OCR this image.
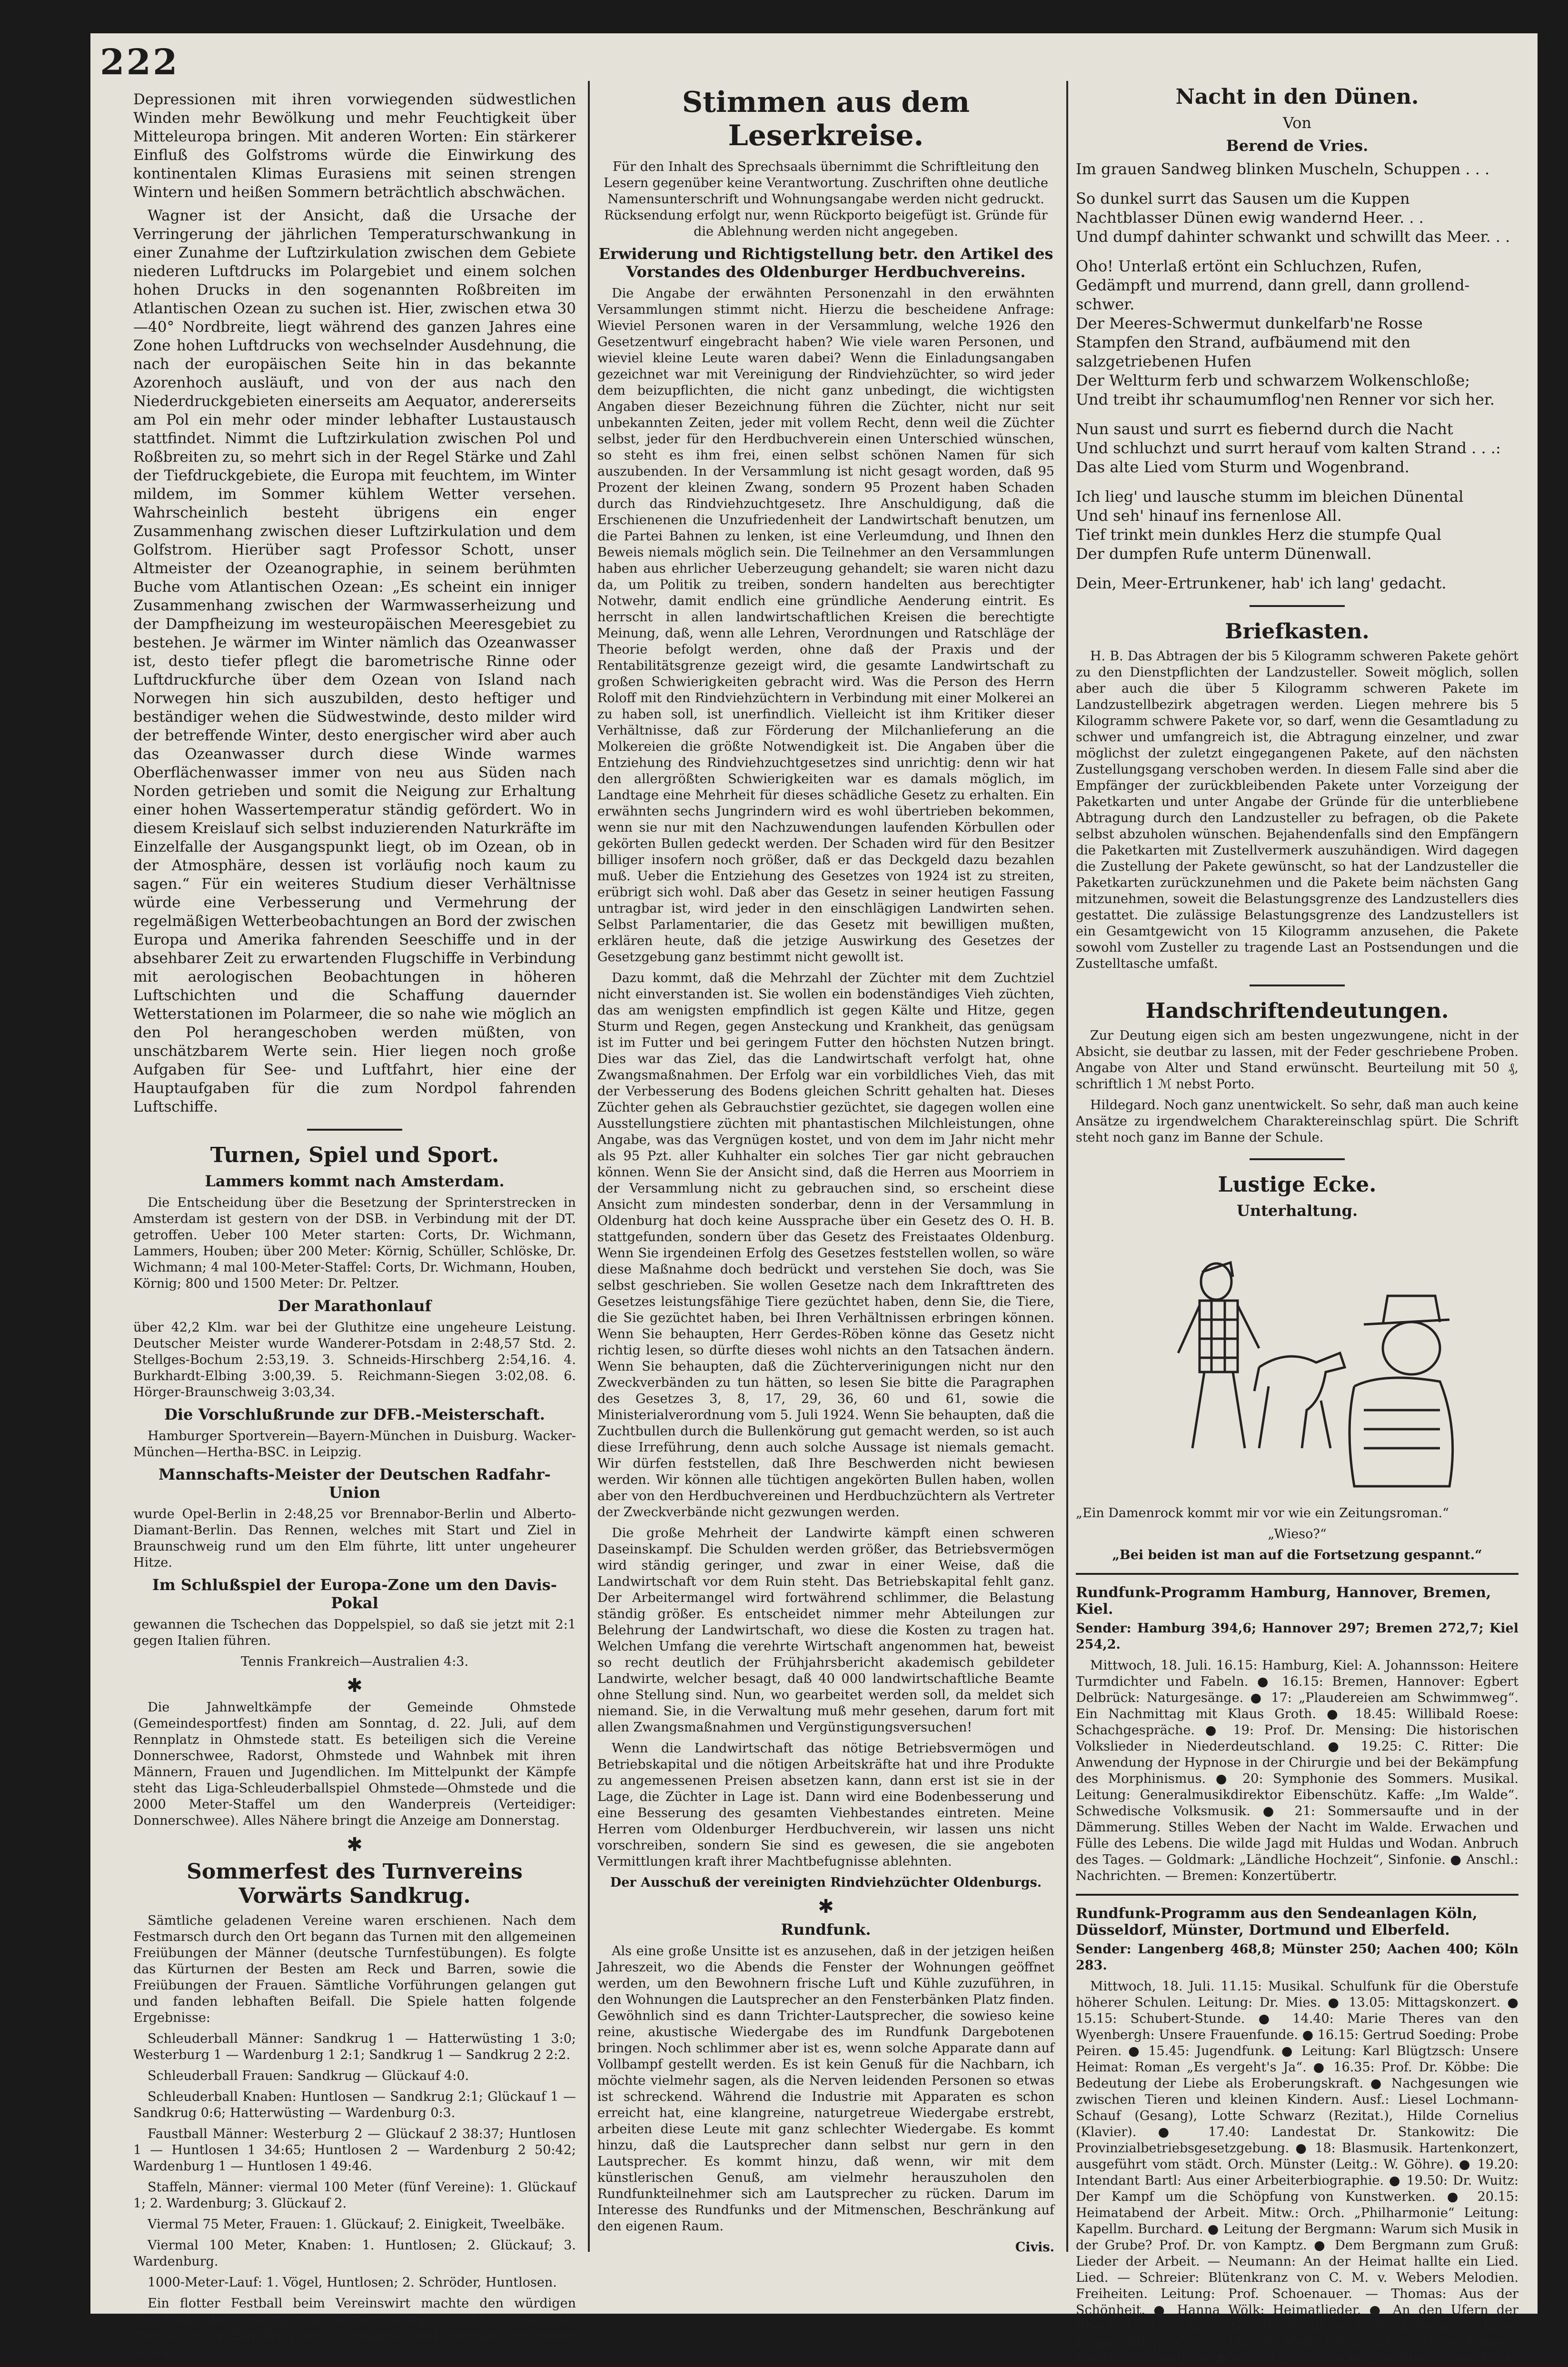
222

Depressionen mit ihren vorwiegenden südwestlichen Winden mehr Bewölkung und mehr Feuchtigkeit über Mitteleuropa bringen. Mit anderen Worten: Ein stärkerer Einfluß des Golfstroms würde die Einwirkung des kontinentalen Klimas Eurasiens mit seinen strengen Wintern und heißen Sommern beträchtlich abschwächen.

Wagner ist der Ansicht, daß die Ursache der Verringerung der jährlichen Temperaturschwankung in einer Zunahme der Luftzirkulation zwischen dem Gebiete niederen Luftdrucks im Polargebiet und einem solchen hohen Drucks in den sogenannten Roßbreiten im Atlantischen Ozean zu suchen ist. Hier, zwischen etwa 30—40° Nordbreite, liegt während des ganzen Jahres eine Zone hohen Luftdrucks von wechselnder Ausdehnung, die nach der europäischen Seite hin in das bekannte Azorenhoch ausläuft, und von der aus nach den Niederdruckgebieten einerseits am Aequator, andererseits am Pol ein mehr oder minder lebhafter Lustaustausch stattfindet. Nimmt die Luftzirkulation zwischen Pol und Roßbreiten zu, so mehrt sich in der Regel Stärke und Zahl der Tiefdruckgebiete, die Europa mit feuchtem, im Winter mildem, im Sommer kühlem Wetter versehen. Wahrscheinlich besteht übrigens ein enger Zusammenhang zwischen dieser Luftzirkulation und dem Golfstrom. Hierüber sagt Professor Schott, unser Altmeister der Ozeanographie, in seinem berühmten Buche vom Atlantischen Ozean: „Es scheint ein inniger Zusammenhang zwischen der Warmwasserheizung und der Dampfheizung im westeuropäischen Meeresgebiet zu bestehen. Je wärmer im Winter nämlich das Ozeanwasser ist, desto tiefer pflegt die barometrische Rinne oder Luftdruckfurche über dem Ozean von Island nach Norwegen hin sich auszubilden, desto heftiger und beständiger wehen die Südwestwinde, desto milder wird der betreffende Winter, desto energischer wird aber auch das Ozeanwasser durch diese Winde warmes Oberflächenwasser immer von neu aus Süden nach Norden getrieben und somit die Neigung zur Erhaltung einer hohen Wassertemperatur ständig gefördert. Wo in diesem Kreislauf sich selbst induzierenden Naturkräfte im Einzelfalle der Ausgangspunkt liegt, ob im Ozean, ob in der Atmosphäre, dessen ist vorläufig noch kaum zu sagen.“ Für ein weiteres Studium dieser Verhältnisse würde eine Verbesserung und Vermehrung der regelmäßigen Wetterbeobachtungen an Bord der zwischen Europa und Amerika fahrenden Seeschiffe und in der absehbarer Zeit zu erwartenden Flugschiffe in Verbindung mit aerologischen Beobachtungen in höheren Luftschichten und die Schaffung dauernder Wetterstationen im Polarmeer, die so nahe wie möglich an den Pol herangeschoben werden müßten, von unschätzbarem Werte sein. Hier liegen noch große Aufgaben für See- und Luftfahrt, hier eine der Hauptaufgaben für die zum Nordpol fahrenden Luftschiffe.

Turnen, Spiel und Sport.
Lammers kommt nach Amsterdam.

Die Entscheidung über die Besetzung der Sprinterstrecken in Amsterdam ist gestern von der DSB. in Verbindung mit der DT. getroffen. Ueber 100 Meter starten: Corts, Dr. Wichmann, Lammers, Houben; über 200 Meter: Körnig, Schüller, Schlöske, Dr. Wichmann; 4 mal 100-Meter-Staffel: Corts, Dr. Wichmann, Houben, Körnig; 800 und 1500 Meter: Dr. Peltzer.

Der Marathonlauf

über 42,2 Klm. war bei der Gluthitze eine ungeheure Leistung. Deutscher Meister wurde Wanderer-Potsdam in 2:48,57 Std. 2. Stellges-Bochum 2:53,19. 3. Schneids-Hirschberg 2:54,16. 4. Burkhardt-Elbing 3:00,39. 5. Reichmann-Siegen 3:02,08. 6. Hörger-Braunschweig 3:03,34.

Die Vorschlußrunde zur DFB.-Meisterschaft.

Hamburger Sportverein—Bayern-München in Duisburg. Wacker-München—Hertha-BSC. in Leipzig.

Mannschafts-Meister der Deutschen Radfahr-Union

wurde Opel-Berlin in 2:48,25 vor Brennabor-Berlin und Alberto-Diamant-Berlin. Das Rennen, welches mit Start und Ziel in Braunschweig rund um den Elm führte, litt unter ungeheurer Hitze.

Im Schlußspiel der Europa-Zone um den Davis-Pokal

gewannen die Tschechen das Doppelspiel, so daß sie jetzt mit 2:1 gegen Italien führen.

Tennis Frankreich—Australien 4:3.

✱

Die Jahnweltkämpfe der Gemeinde Ohmstede (Gemeindesportfest) finden am Sonntag, d. 22. Juli, auf dem Rennplatz in Ohmstede statt. Es beteiligen sich die Vereine Donnerschwee, Radorst, Ohmstede und Wahnbek mit ihren Männern, Frauen und Jugendlichen. Im Mittelpunkt der Kämpfe steht das Liga-Schleuderballspiel Ohmstede—Ohmstede und die 2000 Meter-Staffel um den Wanderpreis (Verteidiger: Donnerschwee). Alles Nähere bringt die Anzeige am Donnerstag.

✱
Sommerfest des Turnvereins Vorwärts Sandkrug.

Sämtliche geladenen Vereine waren erschienen. Nach dem Festmarsch durch den Ort begann das Turnen mit den allgemeinen Freiübungen der Männer (deutsche Turnfestübungen). Es folgte das Kürturnen der Besten am Reck und Barren, sowie die Freiübungen der Frauen. Sämtliche Vorführungen gelangen gut und fanden lebhaften Beifall. Die Spiele hatten folgende Ergebnisse:

Schleuderball Männer: Sandkrug 1 — Hatterwüsting 1 3:0; Westerburg 1 — Wardenburg 1 2:1; Sandkrug 1 — Sandkrug 2 2:2.

Schleuderball Frauen: Sandkrug — Glückauf 4:0.

Schleuderball Knaben: Huntlosen — Sandkrug 2:1; Glückauf 1 — Sandkrug 0:6; Hatterwüsting — Wardenburg 0:3.

Faustball Männer: Westerburg 2 — Glückauf 2 38:37; Huntlosen 1 — Huntlosen 1 34:65; Huntlosen 2 — Wardenburg 2 50:42; Wardenburg 1 — Huntlosen 1 49:46.

Staffeln, Männer: viermal 100 Meter (fünf Vereine): 1. Glückauf 1; 2. Wardenburg; 3. Glückauf 2.

Viermal 75 Meter, Frauen: 1. Glückauf; 2. Einigkeit, Tweelbäke.

Viermal 100 Meter, Knaben: 1. Huntlosen; 2. Glückauf; 3. Wardenburg.

1000-Meter-Lauf: 1. Vögel, Huntlosen; 2. Schröder, Huntlosen.

Ein flotter Festball beim Vereinswirt machte den würdigen Beschluß der gelungenen Veranstaltung. — Möge sie der Turnsache in Sandkrug neue Anhänger und Freunde gewonnen haben.

Stimmen aus dem Leserkreise.

Für den Inhalt des Sprechsaals übernimmt die Schriftleitung den Lesern gegenüber keine Verantwortung. Zuschriften ohne deutliche Namensunterschrift und Wohnungsangabe werden nicht gedruckt. Rücksendung erfolgt nur, wenn Rückporto beigefügt ist. Gründe für die Ablehnung werden nicht angegeben.

Erwiderung und Richtigstellung betr. den Artikel des Vorstandes des Oldenburger Herdbuchvereins.

Die Angabe der erwähnten Personenzahl in den erwähnten Versammlungen stimmt nicht. Hierzu die bescheidene Anfrage: Wieviel Personen waren in der Versammlung, welche 1926 den Gesetzentwurf eingebracht haben? Wie viele waren Personen, und wieviel kleine Leute waren dabei? Wenn die Einladungsangaben gezeichnet war mit Vereinigung der Rindviehzüchter, so wird jeder dem beizupflichten, die nicht ganz unbedingt, die wichtigsten Angaben dieser Bezeichnung führen die Züchter, nicht nur seit unbekannten Zeiten, jeder mit vollem Recht, denn weil die Züchter selbst, jeder für den Herdbuchverein einen Unterschied wünschen, so steht es ihm frei, einen selbst schönen Namen für sich auszubenden. In der Versammlung ist nicht gesagt worden, daß 95 Prozent der kleinen Zwang, sondern 95 Prozent haben Schaden durch das Rindviehzuchtgesetz. Ihre Anschuldigung, daß die Erschienenen die Unzufriedenheit der Landwirtschaft benutzen, um die Partei Bahnen zu lenken, ist eine Verleumdung, und Ihnen den Beweis niemals möglich sein. Die Teilnehmer an den Versammlungen haben aus ehrlicher Ueberzeugung gehandelt; sie waren nicht dazu da, um Politik zu treiben, sondern handelten aus berechtigter Notwehr, damit endlich eine gründliche Aenderung eintrit. Es herrscht in allen landwirtschaftlichen Kreisen die berechtigte Meinung, daß, wenn alle Lehren, Verordnungen und Ratschläge der Theorie befolgt werden, ohne daß der Praxis und der Rentabilitätsgrenze gezeigt wird, die gesamte Landwirtschaft zu großen Schwierigkeiten gebracht wird. Was die Person des Herrn Roloff mit den Rindviehzüchtern in Verbindung mit einer Molkerei an zu haben soll, ist unerfindlich. Vielleicht ist ihm Kritiker dieser Verhältnisse, daß zur Förderung der Milchanlieferung an die Molkereien die größte Notwendigkeit ist. Die Angaben über die Entziehung des Rindviehzuchtgesetzes sind unrichtig: denn wir hat den allergrößten Schwierigkeiten war es damals möglich, im Landtage eine Mehrheit für dieses schädliche Gesetz zu erhalten. Ein erwähnten sechs Jungrindern wird es wohl übertrieben bekommen, wenn sie nur mit den Nachzuwendungen laufenden Körbullen oder gekörten Bullen gedeckt werden. Der Schaden wird für den Besitzer billiger insofern noch größer, daß er das Deckgeld dazu bezahlen muß. Ueber die Entziehung des Gesetzes von 1924 ist zu streiten, erübrigt sich wohl. Daß aber das Gesetz in seiner heutigen Fassung untragbar ist, wird jeder in den einschlägigen Landwirten sehen. Selbst Parlamentarier, die das Gesetz mit bewilligen mußten, erklären heute, daß die jetzige Auswirkung des Gesetzes der Gesetzgebung ganz bestimmt nicht gewollt ist.

Dazu kommt, daß die Mehrzahl der Züchter mit dem Zuchtziel nicht einverstanden ist. Sie wollen ein bodenständiges Vieh züchten, das am wenigsten empfindlich ist gegen Kälte und Hitze, gegen Sturm und Regen, gegen Ansteckung und Krankheit, das genügsam ist im Futter und bei geringem Futter den höchsten Nutzen bringt. Dies war das Ziel, das die Landwirtschaft verfolgt hat, ohne Zwangsmaßnahmen. Der Erfolg war ein vorbildliches Vieh, das mit der Verbesserung des Bodens gleichen Schritt gehalten hat. Dieses Züchter gehen als Gebrauchstier gezüchtet, sie dagegen wollen eine Ausstellungstiere züchten mit phantastischen Milchleistungen, ohne Angabe, was das Vergnügen kostet, und von dem im Jahr nicht mehr als 95 Pzt. aller Kuhhalter ein solches Tier gar nicht gebrauchen können. Wenn Sie der Ansicht sind, daß die Herren aus Moorriem in der Versammlung nicht zu gebrauchen sind, so erscheint diese Ansicht zum mindesten sonderbar, denn in der Versammlung in Oldenburg hat doch keine Aussprache über ein Gesetz des O. H. B. stattgefunden, sondern über das Gesetz des Freistaates Oldenburg. Wenn Sie irgendeinen Erfolg des Gesetzes feststellen wollen, so wäre diese Maßnahme doch bedrückt und verstehen Sie doch, was Sie selbst geschrieben. Sie wollen Gesetze nach dem Inkrafttreten des Gesetzes leistungsfähige Tiere gezüchtet haben, denn Sie, die Tiere, die Sie gezüchtet haben, bei Ihren Verhältnissen erbringen können. Wenn Sie behaupten, Herr Gerdes-Röben könne das Gesetz nicht richtig lesen, so dürfte dieses wohl nichts an den Tatsachen ändern. Wenn Sie behaupten, daß die Züchterverinigungen nicht nur den Zweckverbänden zu tun hätten, so lesen Sie bitte die Paragraphen des Gesetzes 3, 8, 17, 29, 36, 60 und 61, sowie die Ministerialverordnung vom 5. Juli 1924. Wenn Sie behaupten, daß die Zuchtbullen durch die Bullenkörung gut gemacht werden, so ist auch diese Irreführung, denn auch solche Aussage ist niemals gemacht. Wir dürfen feststellen, daß Ihre Beschwerden nicht bewiesen werden. Wir können alle tüchtigen angekörten Bullen haben, wollen aber von den Herdbuchvereinen und Herdbuchzüchtern als Vertreter der Zweckverbände nicht gezwungen werden.

Die große Mehrheit der Landwirte kämpft einen schweren Daseinskampf. Die Schulden werden größer, das Betriebsvermögen wird ständig geringer, und zwar in einer Weise, daß die Landwirtschaft vor dem Ruin steht. Das Betriebskapital fehlt ganz. Der Arbeitermangel wird fortwährend schlimmer, die Belastung ständig größer. Es entscheidet nimmer mehr Abteilungen zur Belehrung der Landwirtschaft, wo diese die Kosten zu tragen hat. Welchen Umfang die verehrte Wirtschaft angenommen hat, beweist so recht deutlich der Frühjahrsbericht akademisch gebildeter Landwirte, welcher besagt, daß 40 000 landwirtschaftliche Beamte ohne Stellung sind. Nun, wo gearbeitet werden soll, da meldet sich niemand. Sie, in die Verwaltung muß mehr gesehen, darum fort mit allen Zwangsmaßnahmen und Vergünstigungsversuchen!

Wenn die Landwirtschaft das nötige Betriebsvermögen und Betriebskapital und die nötigen Arbeitskräfte hat und ihre Produkte zu angemessenen Preisen absetzen kann, dann erst ist sie in der Lage, die Züchter in Lage ist. Dann wird eine Bodenbesserung und eine Besserung des gesamten Viehbestandes eintreten. Meine Herren vom Oldenburger Herdbuchverein, wir lassen uns nicht vorschreiben, sondern Sie sind es gewesen, die sie angeboten Vermittlungen kraft ihrer Machtbefugnisse ablehnten.

Der Ausschuß der vereinigten Rindviehzüchter Oldenburgs.

✱
Rundfunk.

Als eine große Unsitte ist es anzusehen, daß in der jetzigen heißen Jahreszeit, wo die Abends die Fenster der Wohnungen geöffnet werden, um den Bewohnern frische Luft und Kühle zuzuführen, in den Wohnungen die Lautsprecher an den Fensterbänken Platz finden. Gewöhnlich sind es dann Trichter-Lautsprecher, die sowieso keine reine, akustische Wiedergabe des im Rundfunk Dargebotenen bringen. Noch schlimmer aber ist es, wenn solche Apparate dann auf Vollbampf gestellt werden. Es ist kein Genuß für die Nachbarn, ich möchte vielmehr sagen, als die Nerven leidenden Personen so etwas ist schreckend. Während die Industrie mit Apparaten es schon erreicht hat, eine klangreine, naturgetreue Wiedergabe erstrebt, arbeiten diese Leute mit ganz schlechter Wiedergabe. Es kommt hinzu, daß die Lautsprecher dann selbst nur gern in den Lautsprecher. Es kommt hinzu, daß wenn, wir mit dem künstlerischen Genuß, am vielmehr herauszuholen den Rundfunkteilnehmer sich am Lautsprecher zu rücken. Darum im Interesse des Rundfunks und der Mitmenschen, Beschränkung auf den eigenen Raum.

Civis.

Nacht in den Dünen.
Von
Berend de Vries.

Im grauen Sandweg blinken Muscheln, Schuppen . . .

So dunkel surrt das Sausen um die Kuppen
Nachtblasser Dünen ewig wandernd Heer. . .
Und dumpf dahinter schwankt und schwillt das Meer. . .

Oho! Unterlaß ertönt ein Schluchzen, Rufen,
Gedämpft und murrend, dann grell, dann grollend-schwer.
Der Meeres-Schwermut dunkelfarb'ne Rosse
Stampfen den Strand, aufbäumend mit den salzgetriebenen Hufen
Der Weltturm ferb und schwarzem Wolkenschloße;
Und treibt ihr schaumumflog'nen Renner vor sich her.

Nun saust und surrt es fiebernd durch die Nacht
Und schluchzt und surrt herauf vom kalten Strand . . .:
Das alte Lied vom Sturm und Wogenbrand.

Ich lieg' und lausche stumm im bleichen Dünental
Und seh' hinauf ins fernenlose All.
Tief trinkt mein dunkles Herz die stumpfe Qual
Der dumpfen Rufe unterm Dünenwall.

Dein, Meer-Ertrunkener, hab' ich lang' gedacht.

Briefkasten.

H. B. Das Abtragen der bis 5 Kilogramm schweren Pakete gehört zu den Dienstpflichten der Landzusteller. Soweit möglich, sollen aber auch die über 5 Kilogramm schweren Pakete im Landzustellbezirk abgetragen werden. Liegen mehrere bis 5 Kilogramm schwere Pakete vor, so darf, wenn die Gesamtladung zu schwer und umfangreich ist, die Abtragung einzelner, und zwar möglichst der zuletzt eingegangenen Pakete, auf den nächsten Zustellungsgang verschoben werden. In diesem Falle sind aber die Empfänger der zurückbleibenden Pakete unter Vorzeigung der Paketkarten und unter Angabe der Gründe für die unterbliebene Abtragung durch den Landzusteller zu befragen, ob die Pakete selbst abzuholen wünschen. Bejahendenfalls sind den Empfängern die Paketkarten mit Zustellvermerk auszuhändigen. Wird dagegen die Zustellung der Pakete gewünscht, so hat der Landzusteller die Paketkarten zurückzunehmen und die Pakete beim nächsten Gang mitzunehmen, soweit die Belastungsgrenze des Landzustellers dies gestattet. Die zulässige Belastungsgrenze des Landzustellers ist ein Gesamtgewicht von 15 Kilogramm anzusehen, die Pakete sowohl vom Zusteller zu tragende Last an Postsendungen und die Zustelltasche umfaßt.

Handschriftendeutungen.

Zur Deutung eigen sich am besten ungezwungene, nicht in der Absicht, sie deutbar zu lassen, mit der Feder geschriebene Proben. Angabe von Alter und Stand erwünscht. Beurteilung mit 50 ₰, schriftlich 1 ℳ nebst Porto.

Hildegard. Noch ganz unentwickelt. So sehr, daß man auch keine Ansätze zu irgendwelchem Charaktereinschlag spürt. Die Schrift steht noch ganz im Banne der Schule.

Lustige Ecke.
Unterhaltung.

„Ein Damenrock kommt mir vor wie ein Zeitungsroman.“

„Wieso?“

„Bei beiden ist man auf die Fortsetzung gespannt.“

Rundfunk-Programm Hamburg, Hannover, Bremen, Kiel.

Sender: Hamburg 394,6; Hannover 297; Bremen 272,7; Kiel 254,2.

Mittwoch, 18. Juli. 16.15: Hamburg, Kiel: A. Johannsson: Heitere Turmdichter und Fabeln. ● 16.15: Bremen, Hannover: Egbert Delbrück: Naturgesänge. ● 17: „Plaudereien am Schwimmweg“. Ein Nachmittag mit Klaus Groth. ● 18.45: Willibald Roese: Schachgespräche. ● 19: Prof. Dr. Mensing: Die historischen Volkslieder in Niederdeutschland. ● 19.25: C. Ritter: Die Anwendung der Hypnose in der Chirurgie und bei der Bekämpfung des Morphinismus. ● 20: Symphonie des Sommers. Musikal. Leitung: Generalmusikdirektor Eibenschütz. Kaffe: „Im Walde“. Schwedische Volksmusik. ● 21: Sommersaufte und in der Dämmerung. Stilles Weben der Nacht im Walde. Erwachen und Fülle des Lebens. Die wilde Jagd mit Huldas und Wodan. Anbruch des Tages. — Goldmark: „Ländliche Hochzeit“, Sinfonie. ● Anschl.: Nachrichten. — Bremen: Konzertübertr.

Rundfunk-Programm aus den Sendeanlagen Köln, Düsseldorf, Münster, Dortmund und Elberfeld.

Sender: Langenberg 468,8; Münster 250; Aachen 400; Köln 283.

Mittwoch, 18. Juli. 11.15: Musikal. Schulfunk für die Oberstufe höherer Schulen. Leitung: Dr. Mies. ● 13.05: Mittagskonzert. ● 15.15: Schubert-Stunde. ● 14.40: Marie Theres van den Wyenbergh: Unsere Frauenfunde. ● 16.15: Gertrud Soeding: Probe Peiren. ● 15.45: Jugendfunk. ● Leitung: Karl Blügtzsch: Unsere Heimat: Roman „Es vergeht's Ja“. ● 16.35: Prof. Dr. Köbbe: Die Bedeutung der Liebe als Eroberungskraft. ● Nachgesungen wie zwischen Tieren und kleinen Kindern. Ausf.: Liesel Lochmann-Schauf (Gesang), Lotte Schwarz (Rezitat.), Hilde Cornelius (Klavier). ● 17.40: Landestat Dr. Stankowitz: Die Provinzialbetriebsgesetzgebung. ● 18: Blasmusik. Hartenkonzert, ausgeführt vom städt. Orch. Münster (Leitg.: W. Göhre). ● 19.20: Intendant Bartl: Aus einer Arbeiterbiographie. ● 19.50: Dr. Wuitz: Der Kampf um die Schöpfung von Kunstwerken. ● 20.15: Heimatabend der Arbeit. Mitw.: Orch. „Philharmonie“ Leitung: Kapellm. Burchard. ● Leitung der Bergmann: Warum sich Musik in der Grube? Prof. Dr. von Kamptz. ● Dem Bergmann zum Gruß: Lieder der Arbeit. — Neumann: An der Heimat hallte ein Lied. Lied. — Schreier: Blütenkranz von C. M. v. Webers Melodien. Freiheiten. Leitung: Prof. Schoenauer. — Thomas: Aus der Schönheit. ● Hanna Wölk: Heimatlieder. ● An den Ufern der Rhein. Lied. — Ernst Straub: Freut euch des Lebens. — Liszt: Ungar. Rhapsodie. — Janzen: Mein Rheinland. — Dementieman: Ein Fest in Aranjuez. ● Anschl.: Meldungen. Nachtmusik und Tanz.
